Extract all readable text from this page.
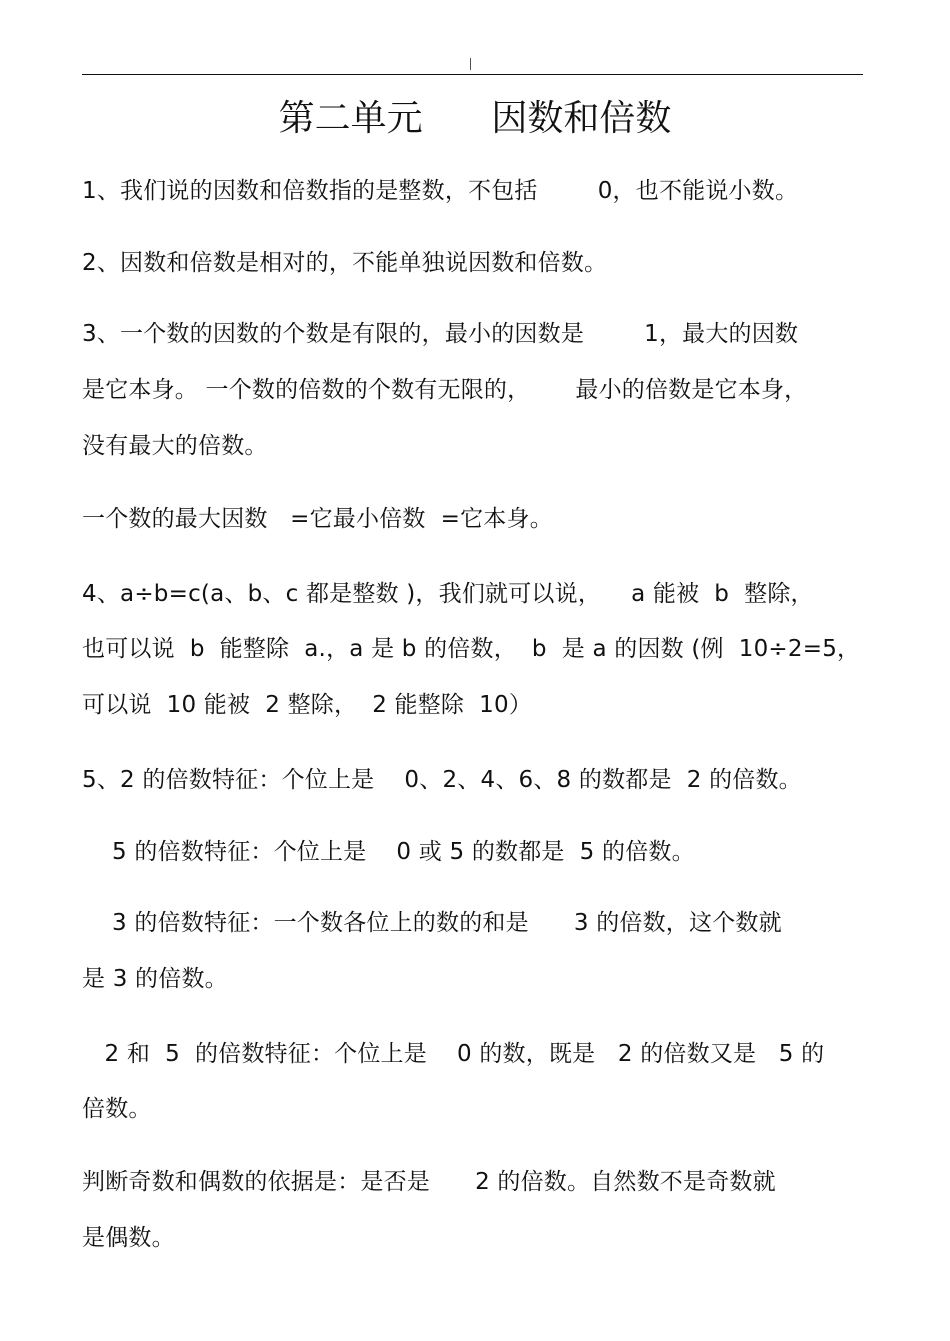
第二单元      因数和倍数
1、我们说的因数和倍数指的是整数，不包括        0，也不能说小数。
2、因数和倍数是相对的，不能单独说因数和倍数。
3、一个数的因数的个数是有限的，最小的因数是        1，最大的因数
是它本身。 一个数的倍数的个数有无限的，      最小的倍数是它本身，
没有最大的倍数。
一个数的最大因数   =它最小倍数  =它本身。
4、a÷b=c(a、b、c 都是整数 )，我们就可以说，    a 能被  b  整除，
也可以说  b  能整除  a.，a 是 b 的倍数，  b  是 a 的因数 (例  10÷2=5，
可以说  10 能被  2 整除，  2 能整除  10）
5、2 的倍数特征：个位上是    0、2、4、6、8 的数都是  2 的倍数。
5 的倍数特征：个位上是    0 或 5 的数都是  5 的倍数。
3 的倍数特征：一个数各位上的数的和是      3 的倍数，这个数就
是 3 的倍数。
2 和  5  的倍数特征：个位上是    0 的数，既是   2 的倍数又是   5 的
倍数。
判断奇数和偶数的依据是：是否是      2 的倍数。自然数不是奇数就
是偶数。
